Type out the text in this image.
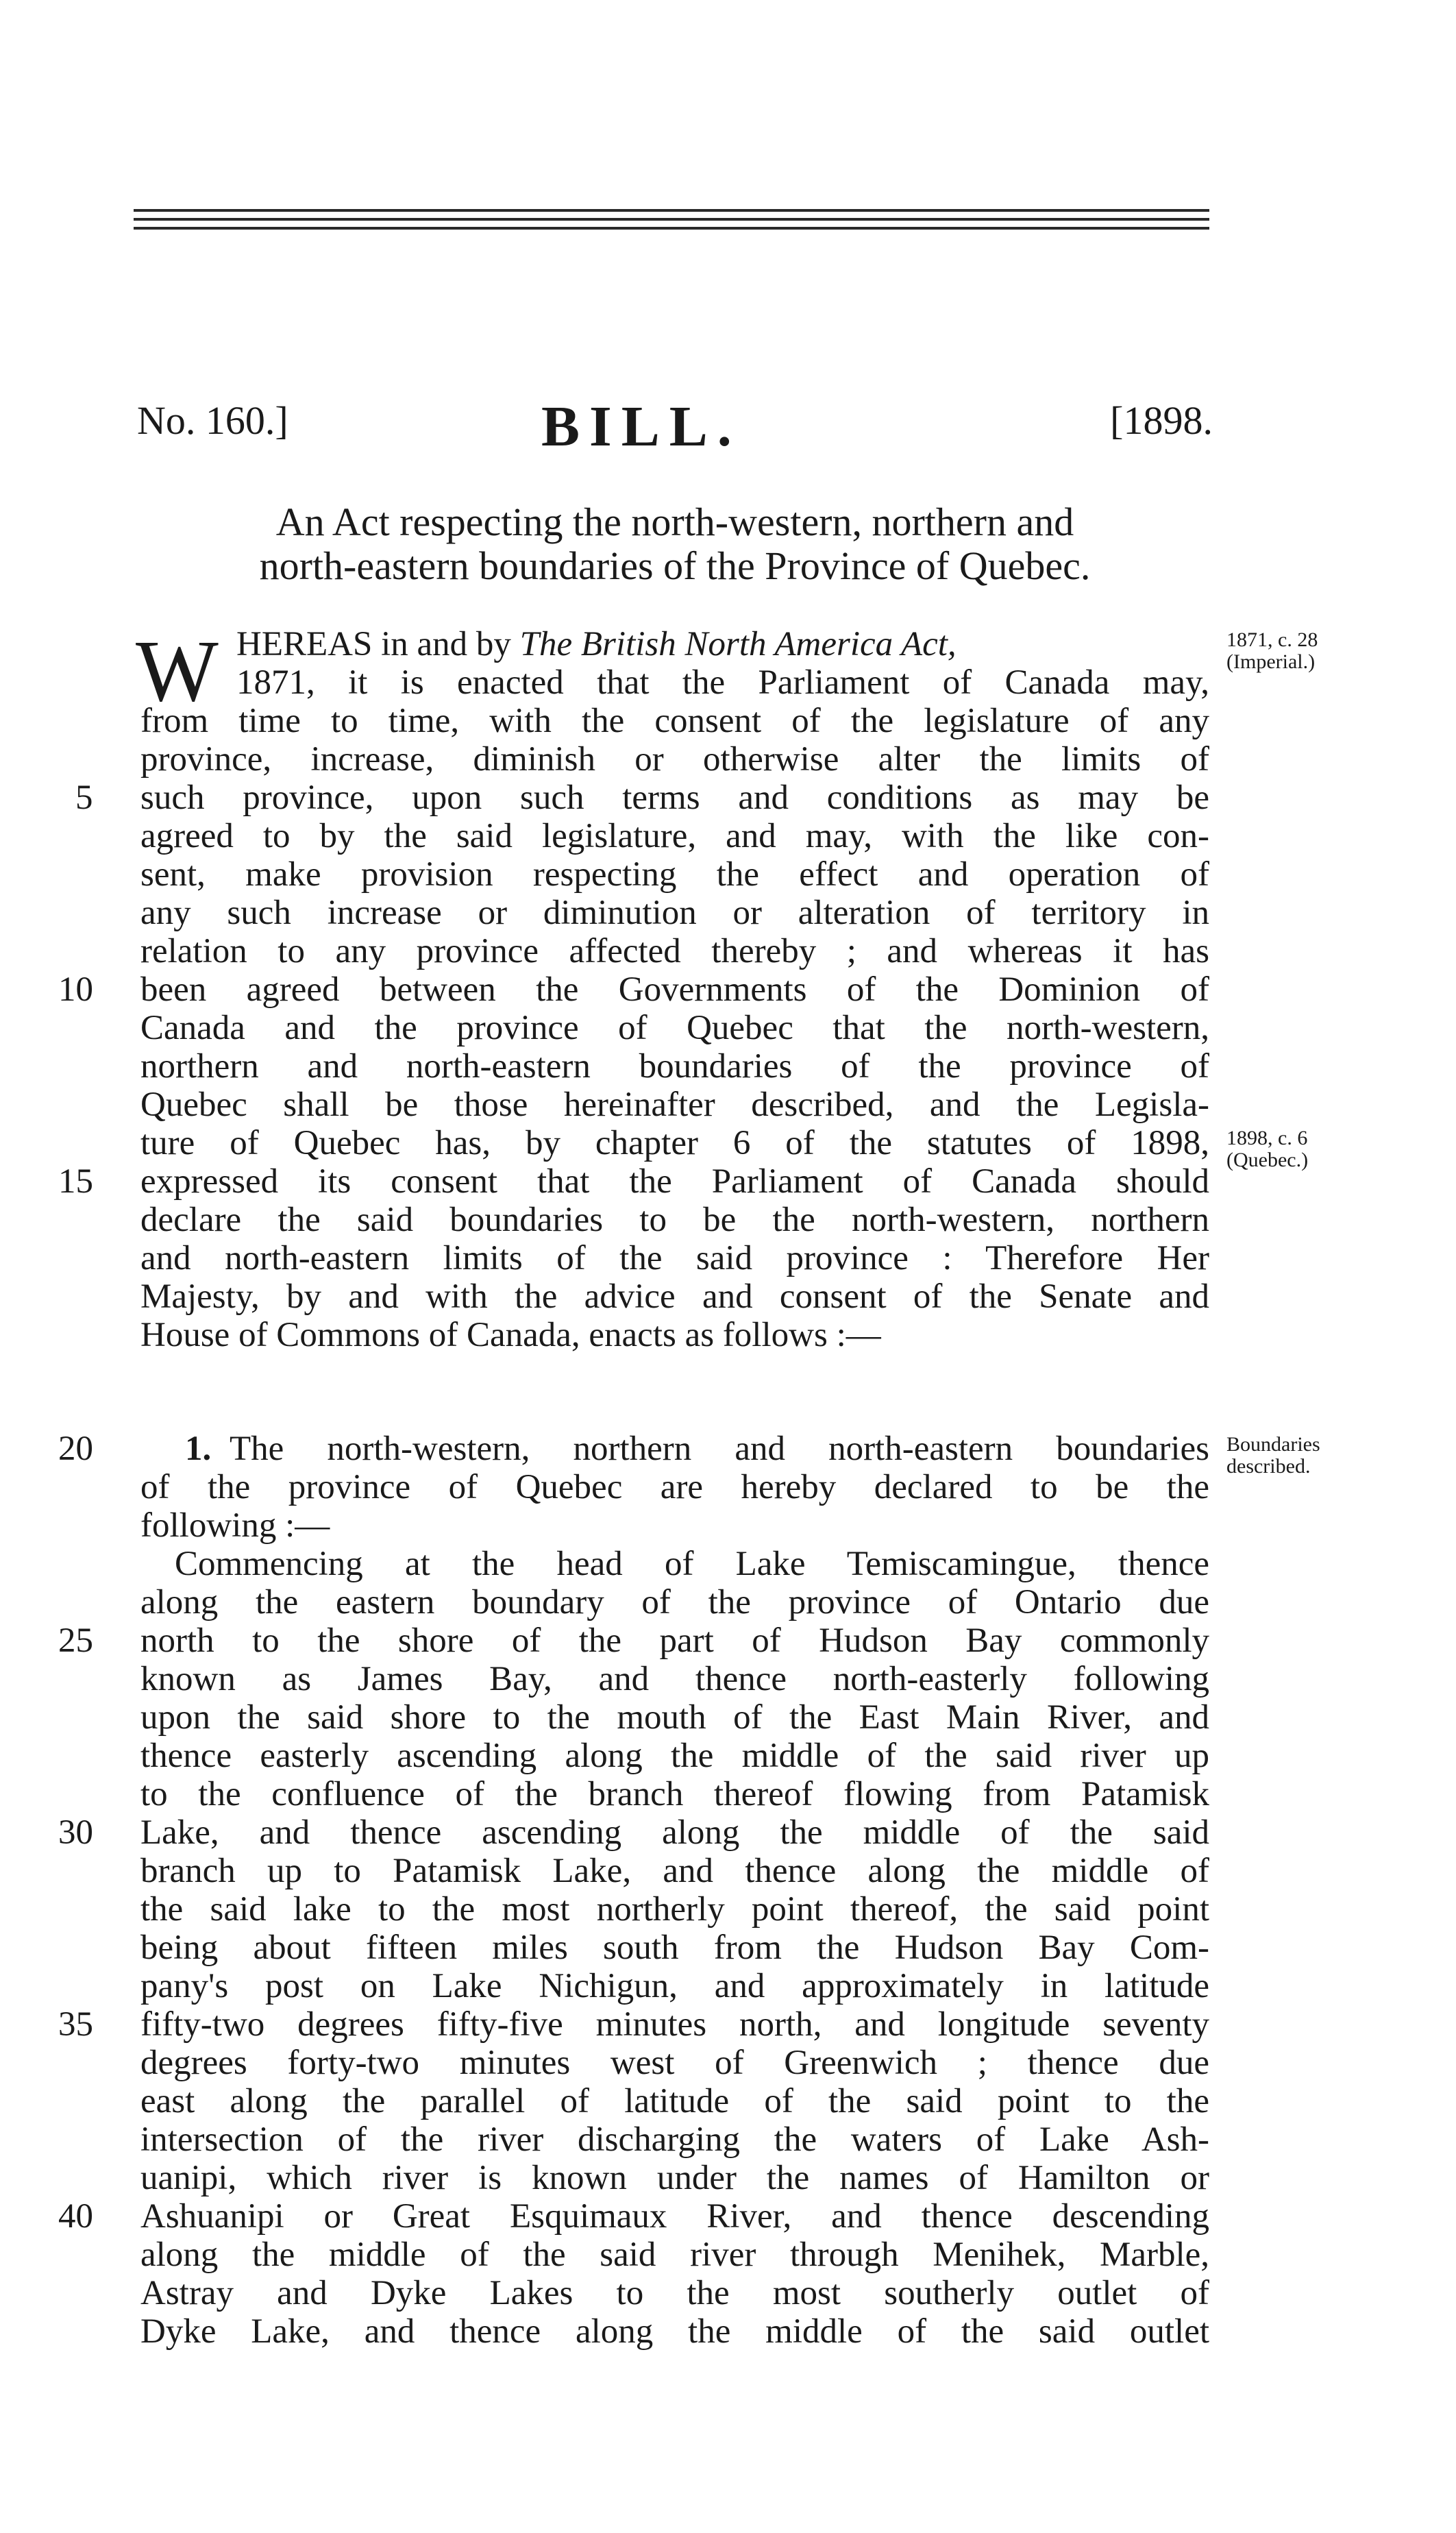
No. 160.]	BILL.	[1898.
An Act respecting the north-western, northern and
north-eastern boundaries of the Province of Quebec.
W HEREAS in and by The British North America Act,
1871, it is enacted that the Parliament of Canada may,
from time to time, with the consent of the legislature of any
province, increase, diminish or otherwise alter the limits of
such province, upon such terms and conditions as may be
agreed to by the said legislature, and may, with the like con-
sent, make provision respecting the effect and operation of
any such increase or diminution or alteration of territory in
relation to any province affected thereby ; and whereas it has
been agreed between the Governments of the Dominion of
Canada and the province of Quebec that the north-western,
northern and north-eastern boundaries of the province of
Quebec shall be those hereinafter described, and the Legisla-
ture of Quebec has, by chapter 6 of the statutes of 1898,
expressed its consent that the Parliament of Canada should
declare the said boundaries to be the north-western, northern
and north-eastern limits of the said province : Therefore Her
Majesty, by and with the advice and consent of the Senate and
House of Commons of Canada, enacts as follows :—
1. The north-western, northern and north-eastern boundaries
of the province of Quebec are hereby declared to be the
following :—
Commencing at the head of Lake Temiscamingue, thence
along the eastern boundary of the province of Ontario due
north to the shore of the part of Hudson Bay commonly
known as James Bay, and thence north-easterly following
upon the said shore to the mouth of the East Main River, and
thence easterly ascending along the middle of the said river up
to the confluence of the branch thereof flowing from Patamisk
Lake, and thence ascending along the middle of the said
branch up to Patamisk Lake, and thence along the middle of
the said lake to the most northerly point thereof, the said point
being about fifteen miles south from the Hudson Bay Com-
pany's post on Lake Nichigun, and approximately in latitude
fifty-two degrees fifty-five minutes north, and longitude seventy
degrees forty-two minutes west of Greenwich ; thence due
east along the parallel of latitude of the said point to the
intersection of the river discharging the waters of Lake Ash-
uanipi, which river is known under the names of Hamilton or
Ashuanipi or Great Esquimaux River, and thence descending
along the middle of the said river through Menihek, Marble,
Astray and Dyke Lakes to the most southerly outlet of
Dyke Lake, and thence along the middle of the said outlet
5
10
15
20
25
30
35
40
1871, c. 28
(Imperial.)
1898, c. 6
(Quebec.)
Boundaries
described.
